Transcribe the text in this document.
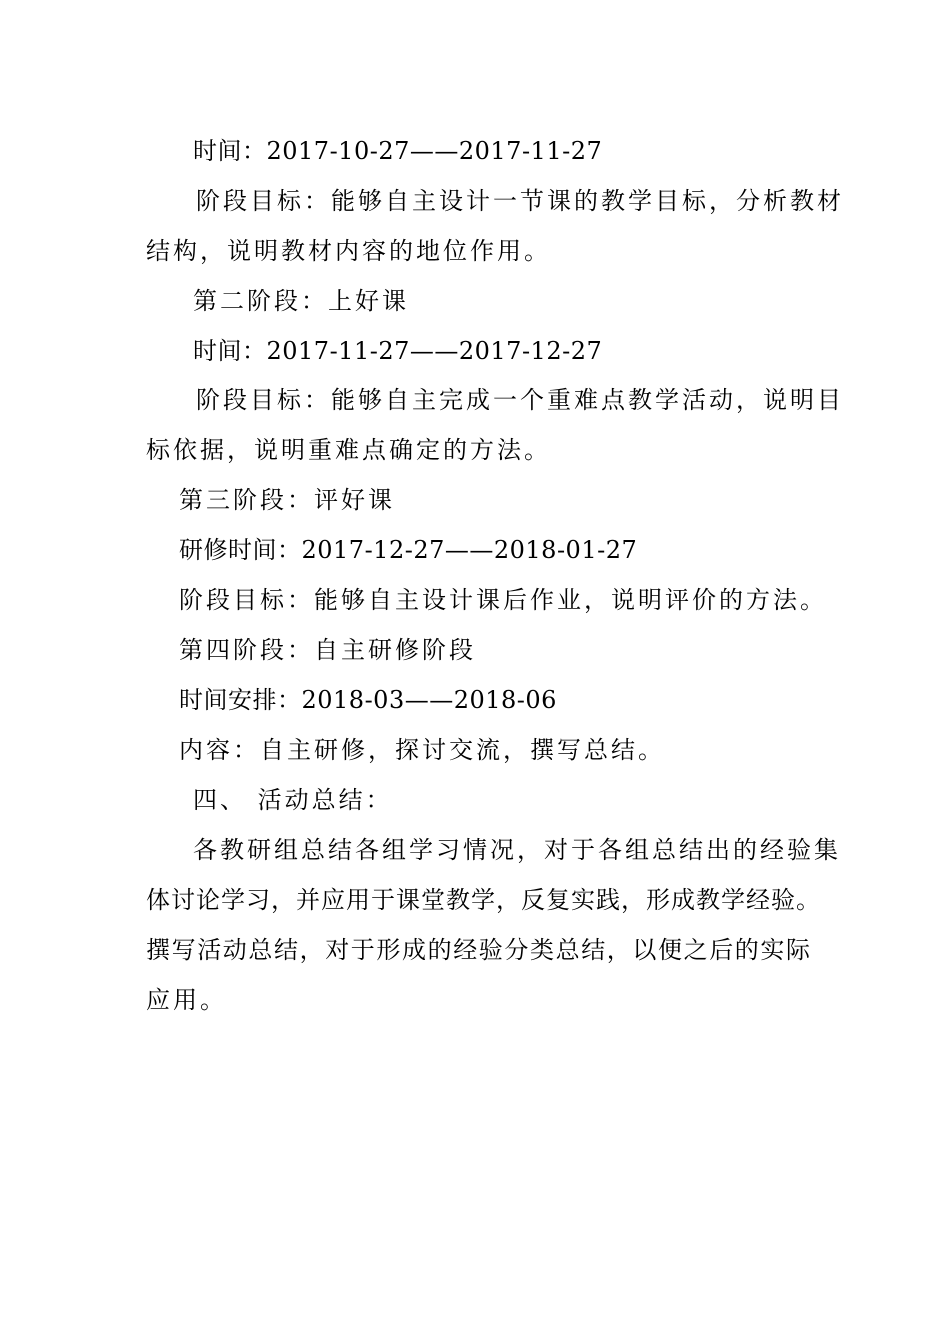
时间：2017-10-27——2017-11-27
阶段目标：能够自主设计一节课的教学目标，分析教材
结构，说明教材内容的地位作用。
第二阶段：上好课
时间：2017-11-27——2017-12-27
阶段目标：能够自主完成一个重难点教学活动，说明目
标依据，说明重难点确定的方法。
第三阶段：评好课
研修时间：2017-12-27——2018-01-27
阶段目标：能够自主设计课后作业，说明评价的方法。
第四阶段：自主研修阶段
时间安排：2018-03——2018-06
内容：自主研修，探讨交流，撰写总结。
四、 活动总结：
各教研组总结各组学习情况，对于各组总结出的经验集
体讨论学习，并应用于课堂教学，反复实践，形成教学经验。
撰写活动总结，对于形成的经验分类总结，以便之后的实际
应用。
